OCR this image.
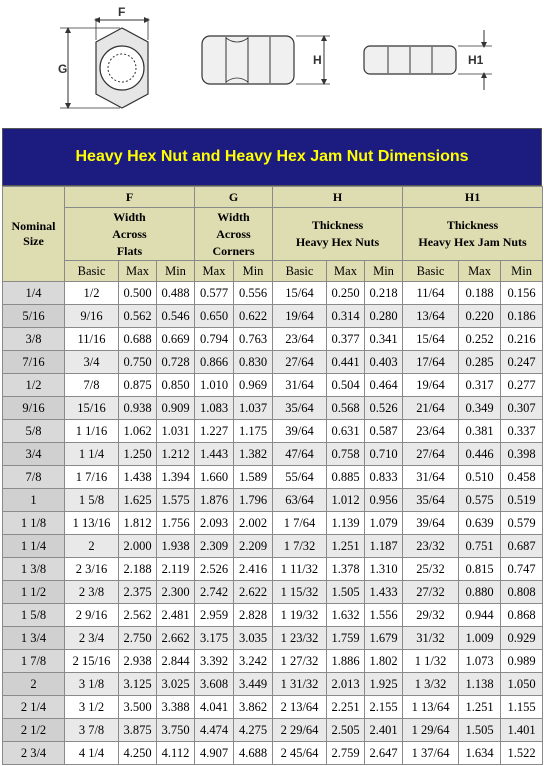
F
G
H	H1
Heavy Hex Nut and Heavy Hex Jam Nut Dimensions
Nominal Size	F			G		H			H1		
	Width
Across
Flats			Width
Across
Corners		Thickness
Heavy Hex Nuts			Thickness
Heavy Hex Jam Nuts		
	Basic	Max	Min	Max	Min	Basic	Max	Min	Basic	Max	Min
1/4	1/2	0.500	0.488	0.577	0.556	15/64	0.250	0.218	11/64	0.188	0.156
5/16	9/16	0.562	0.546	0.650	0.622	19/64	0.314	0.280	13/64	0.220	0.186
3/8	11/16	0.688	0.669	0.794	0.763	23/64	0.377	0.341	15/64	0.252	0.216
7/16	3/4	0.750	0.728	0.866	0.830	27/64	0.441	0.403	17/64	0.285	0.247
1/2	7/8	0.875	0.850	1.010	0.969	31/64	0.504	0.464	19/64	0.317	0.277
9/16	15/16	0.938	0.909	1.083	1.037	35/64	0.568	0.526	21/64	0.349	0.307
5/8	1 1/16	1.062	1.031	1.227	1.175	39/64	0.631	0.587	23/64	0.381	0.337
3/4	1 1/4	1.250	1.212	1.443	1.382	47/64	0.758	0.710	27/64	0.446	0.398
7/8	1 7/16	1.438	1.394	1.660	1.589	55/64	0.885	0.833	31/64	0.510	0.458
1	1 5/8	1.625	1.575	1.876	1.796	63/64	1.012	0.956	35/64	0.575	0.519
1 1/8	1 13/16	1.812	1.756	2.093	2.002	1 7/64	1.139	1.079	39/64	0.639	0.579
1 1/4	2	2.000	1.938	2.309	2.209	1 7/32	1.251	1.187	23/32	0.751	0.687
1 3/8	2 3/16	2.188	2.119	2.526	2.416	1 11/32	1.378	1.310	25/32	0.815	0.747
1 1/2	2 3/8	2.375	2.300	2.742	2.622	1 15/32	1.505	1.433	27/32	0.880	0.808
1 5/8	2 9/16	2.562	2.481	2.959	2.828	1 19/32	1.632	1.556	29/32	0.944	0.868
1 3/4	2 3/4	2.750	2.662	3.175	3.035	1 23/32	1.759	1.679	31/32	1.009	0.929
1 7/8	2 15/16	2.938	2.844	3.392	3.242	1 27/32	1.886	1.802	1 1/32	1.073	0.989
2	3 1/8	3.125	3.025	3.608	3.449	1 31/32	2.013	1.925	1 3/32	1.138	1.050
2 1/4	3 1/2	3.500	3.388	4.041	3.862	2 13/64	2.251	2.155	1 13/64	1.251	1.155
2 1/2	3 7/8	3.875	3.750	4.474	4.275	2 29/64	2.505	2.401	1 29/64	1.505	1.401
2 3/4	4 1/4	4.250	4.112	4.907	4.688	2 45/64	2.759	2.647	1 37/64	1.634	1.522
